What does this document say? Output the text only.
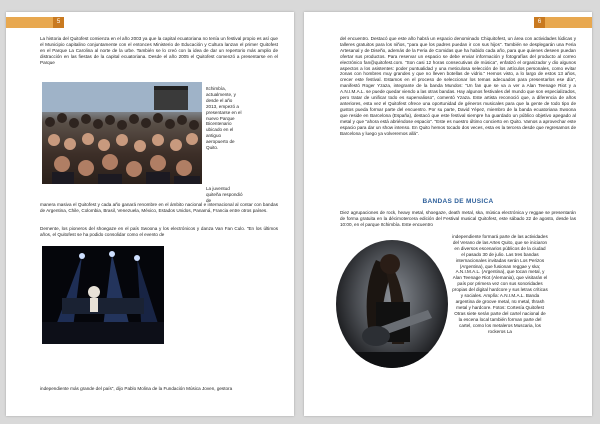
5

La historia del Quitofest comienza en el año 2003 ya que la capital ecuatoriana no tenía un festival propio es así que el Municipio capitalino conjuntamente con el entonces Ministerio de Educación y Cultura lanzan el primer Quitofest en el Parque La Carolina al norte de la urbe. También se lo creó con la idea de dar un repertorio más amplio de distracción en las fiestas de la capital ecuatoriana. Desde el año 2005 el Quitofest comenzó a presentarse en el Parque

Itchimbía, actualmente, y desde el año 2013, empezó a presentarse en el nuevo Parque Bicentenario ubicado en el antiguo aeropuerto de Quito.

La juventud quiteña respondió de

manera masiva el Quitofest y cada año ganará renombre en el ámbito nacional e internacional al contar con bandas de Argentina, Chile, Colombia, Brasil, Venezuela, México, Estados Unidos, Panamá, Francia entre otros países.

Demente, los pioneros del shoegaze en el país Swoona y los electrónicos y danza Van Fan Culo. "En los últimos años, el Quitofest se ha podido consolidar como el evento de

independiente más grande del país", dijo Pablo Molina de la Fundación Música Joven, gestora

6

del encuentro. Destacó que este año habrá un espacio denominado Chiquitofest, un área con actividades lúdicas y talleres gratuitos para los niños, "para que los padres puedan ir con sus hijos". También se desplegarán una Feria Artesanal y de Diseño, además de la Feria de Comidas que ha habido cada año, para que quienes deseen puedan ofertar sus productos. Para reservar un espacio se debe enviar información y fotografías del producto al correo electrónico fan@quitofest.com. "Son casi 12 horas consecutivas de música", enfatizó el organizador y dio algunos aspectos a los asistentes: poder puntualidad y una meticulosa selección de los artículos personales, como evitar zonas con hombres muy grandes y que no lleven botellas de vidrio." Hemos visto, a lo largo de estos 13 años, crecer este festival. Estamos en el proceso de seleccionar los temas adecuados para presentarlos ese día", manifestó Roger Yzaza, integrante de la banda Mundos: "Un fan que se va a ver a Alan Teenage Riot y a A.N.I.M.A.L. se puede quedar viendo a las otras bandas. Hay algunos festivales del mundo que son especializados, pero tratar de unificar todo es supervalioso", comentó Yzaza. Este artista reconoció que, a diferencia de años anteriores, esta vez el Quitofest ofrece una oportunidad de géneros musicales para que la gente de todo tipo de gustos pueda formar parte del encuentro. Por su parte, David Yépez, miembro de la banda ecuatoriana Swoona que reside en Barcelona (España), destacó que este festival siempre ha guardado un público objetivo apegado al metal y que "ahora está abriéndose espacio". "Este es nuestro último concierto en Quito. Vamos a aprovechar este espacio para dar un show intenso. En Quito hemos tocado dos veces, esta es la tercera desde que regresamos de Barcelona y luego ya volveremos allá".

BANDAS DE MUSICA

Diez agrupaciones de rock, heavy metal, shoegaze, death metal, ska, música electrónica y reggae se presentarán de forma gratuita en la décimotercera edición del Festival musical Quitofest, este sábado 22 de agosto, desde las 10:00, en el parque Itchimbía. Este encuentro

independiente formará parte de las actividades del Verano de las Artes Quito, que se iniciaron en diversos escenarios públicos de la ciudad el pasado 30 de julio. Las tres bandas internacionales invitadas serán Los Perizos (Argentina), que fusionan reggae y ska; A.N.I.M.A.L. (Argentina), que tocan metal, y Alan Teenage Riot (Alemania), que visitarán el país por primera vez con sus sonoridades propias del digital hardcore y sus letras críticas y sociales. Amplía: A.N.I.M.A.L. Banda argentina de groove metal, nü metal, thrash metal y hardcore. Fotos: Cortesía Quitofest Otras siete serán parte del cartel nacional de la escena local también forman parte del cartel, como los metaleros Muscaria, los rockeros La
